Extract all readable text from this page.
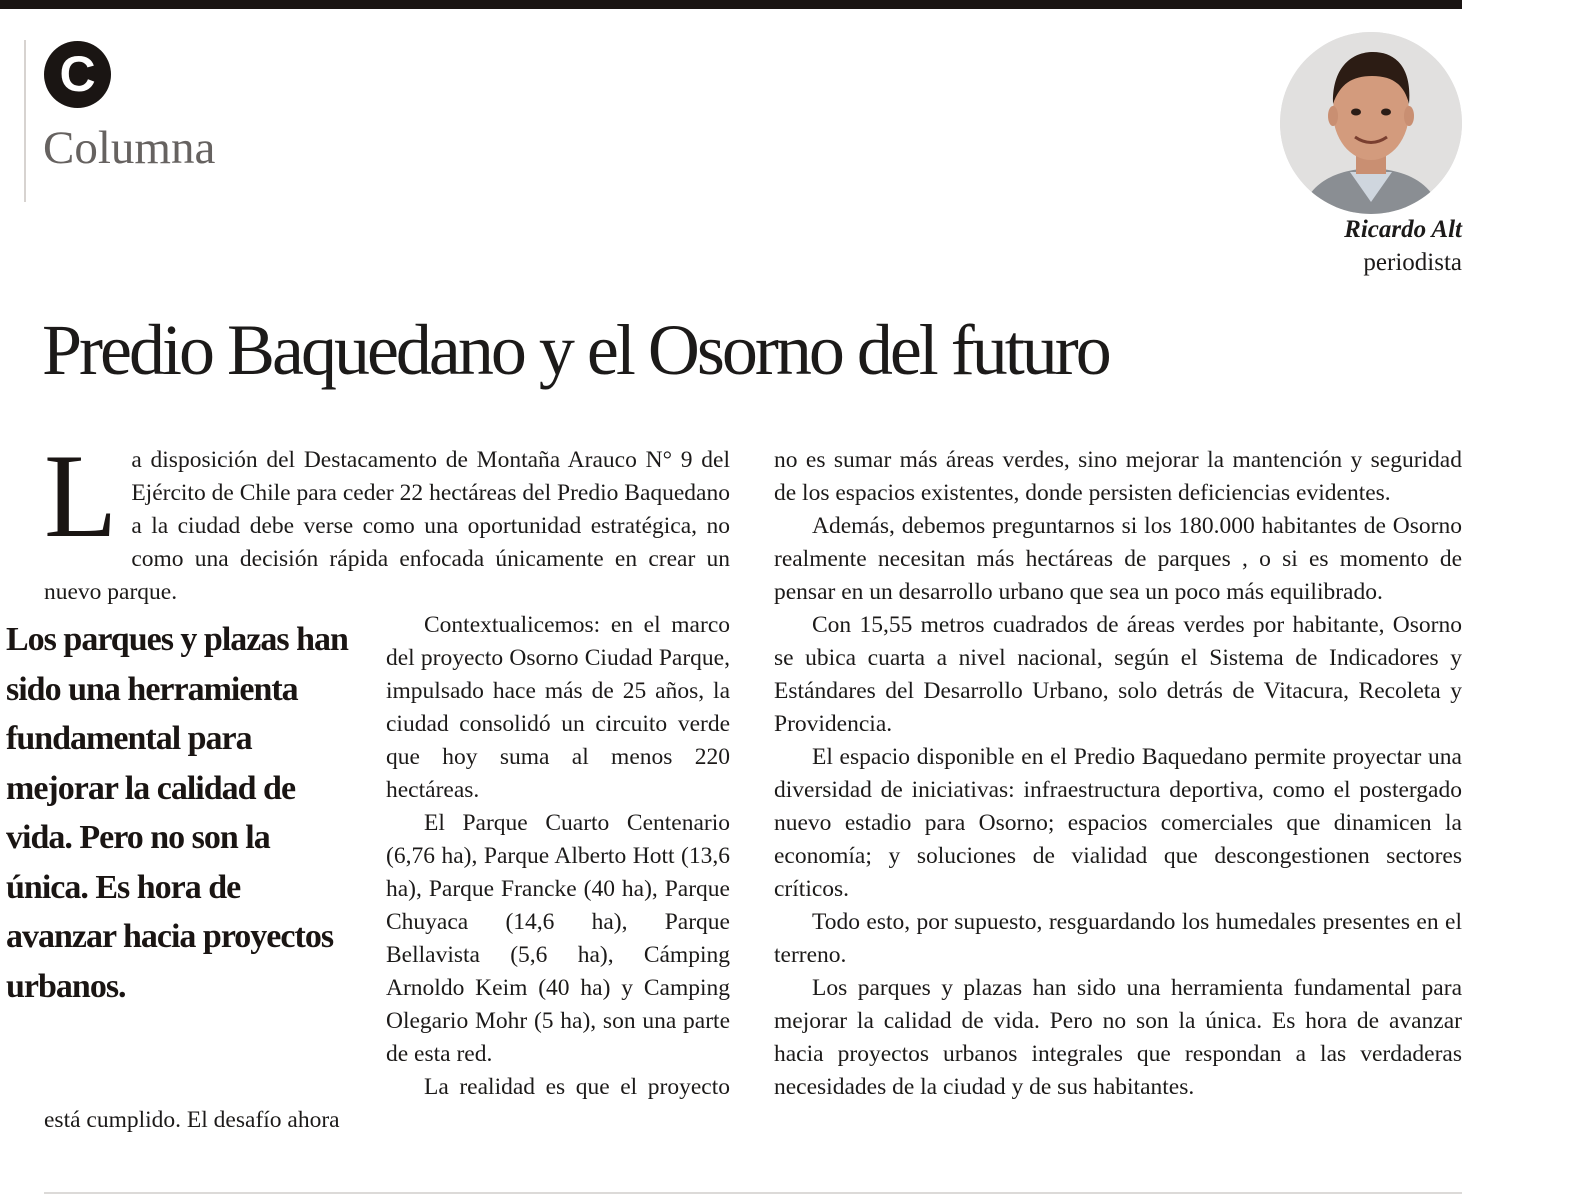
C
Columna
Ricardo Alt
periodista
Predio Baquedano y el Osorno del futuro
L a disposición del Destacamento de Montaña Arauco N° 9 del Ejército de Chile para ceder 22 hectáreas del Predio Baquedano a la ciudad debe verse como una oportunidad estratégica, no como una decisión rápida enfocada únicamente en crear un nuevo parque.

Los parques y plazas han sido una herramienta fundamental para mejorar la calidad de vida. Pero no son la única. Es hora de avanzar hacia proyectos urbanos.

Contextualicemos: en el marco del proyecto Osorno Ciudad Parque, impulsado hace más de 25 años, la ciudad consolidó un circuito verde que hoy suma al menos 220 hectáreas.

El Parque Cuarto Centenario (6,76 ha), Parque Alberto Hott (13,6 ha), Parque Francke (40 ha), Parque Chuyaca (14,6 ha), Parque Bellavista (5,6 ha), Cámping Arnoldo Keim (40 ha) y Camping Olegario Mohr (5 ha), son una parte de esta red.

La realidad es que el proyecto está cumplido. El desafío ahora

no es sumar más áreas verdes, sino mejorar la mantención y seguridad de los espacios existentes, donde persisten deficiencias evidentes.

Además, debemos preguntarnos si los 180.000 habitantes de Osorno realmente necesitan más hectáreas de parques , o si es momento de pensar en un desarrollo urbano que sea un poco más equilibrado.

Con 15,55 metros cuadrados de áreas verdes por habitante, Osorno se ubica cuarta a nivel nacional, según el Sistema de Indicadores y Estándares del Desarrollo Urbano, solo detrás de Vitacura, Recoleta y Providencia.

El espacio disponible en el Predio Baquedano permite proyectar una diversidad de iniciativas: infraestructura deportiva, como el postergado nuevo estadio para Osorno; espacios comerciales que dinamicen la economía; y soluciones de vialidad que descongestionen sectores críticos.

Todo esto, por supuesto, resguardando los humedales presentes en el terreno.

Los parques y plazas han sido una herramienta fundamental para mejorar la calidad de vida. Pero no son la única. Es hora de avanzar hacia proyectos urbanos integrales que respondan a las verdaderas necesidades de la ciudad y de sus habitantes.
